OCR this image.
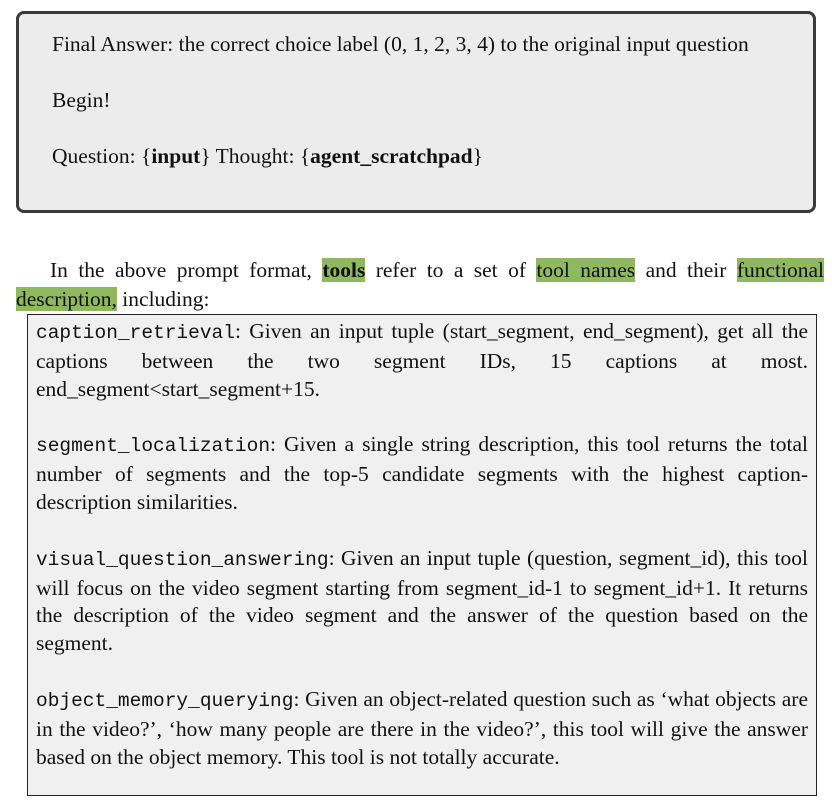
Final Answer: the correct choice label (0, 1, 2, 3, 4) to the original input question

Begin!

Question: {input} Thought: {agent_scratchpad}

In the above prompt format, tools refer to a set of tool names and their functional description, including:

caption_retrieval: Given an input tuple (start_segment, end_segment), get all the captions between the two segment IDs, 15 captions at most. end_segment<start_segment+15.

segment_localization: Given a single string description, this tool returns the total number of segments and the top-5 candidate segments with the highest caption-description similarities.

visual_question_answering: Given an input tuple (question, segment_id), this tool will focus on the video segment starting from segment_id-1 to segment_id+1. It returns the description of the video segment and the answer of the question based on the segment.

object_memory_querying: Given an object-related question such as ‘what objects are in the video?’, ‘how many people are there in the video?’, this tool will give the answer based on the object memory. This tool is not totally accurate.
